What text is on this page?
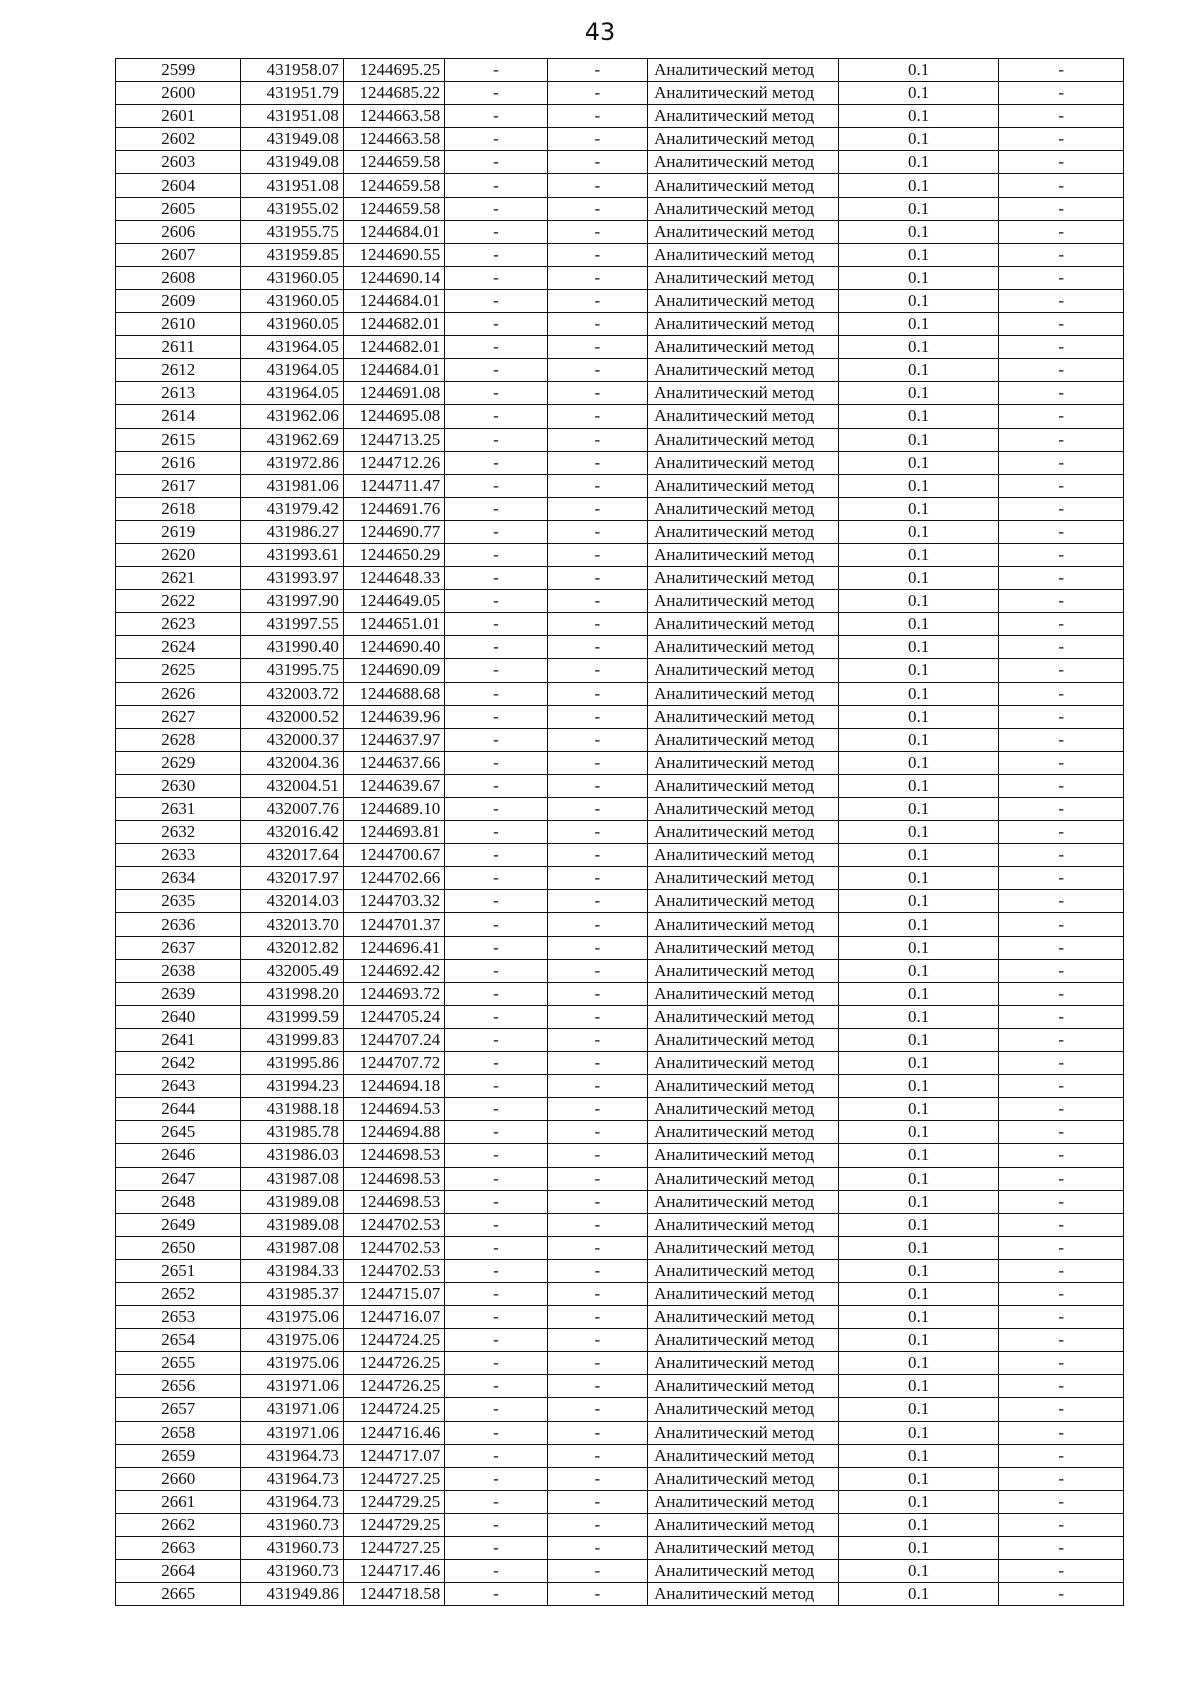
43
2599	431958.07	1244695.25	-	-	Аналитический метод	0.1	-
2600	431951.79	1244685.22	-	-	Аналитический метод	0.1	-
2601	431951.08	1244663.58	-	-	Аналитический метод	0.1	-
2602	431949.08	1244663.58	-	-	Аналитический метод	0.1	-
2603	431949.08	1244659.58	-	-	Аналитический метод	0.1	-
2604	431951.08	1244659.58	-	-	Аналитический метод	0.1	-
2605	431955.02	1244659.58	-	-	Аналитический метод	0.1	-
2606	431955.75	1244684.01	-	-	Аналитический метод	0.1	-
2607	431959.85	1244690.55	-	-	Аналитический метод	0.1	-
2608	431960.05	1244690.14	-	-	Аналитический метод	0.1	-
2609	431960.05	1244684.01	-	-	Аналитический метод	0.1	-
2610	431960.05	1244682.01	-	-	Аналитический метод	0.1	-
2611	431964.05	1244682.01	-	-	Аналитический метод	0.1	-
2612	431964.05	1244684.01	-	-	Аналитический метод	0.1	-
2613	431964.05	1244691.08	-	-	Аналитический метод	0.1	-
2614	431962.06	1244695.08	-	-	Аналитический метод	0.1	-
2615	431962.69	1244713.25	-	-	Аналитический метод	0.1	-
2616	431972.86	1244712.26	-	-	Аналитический метод	0.1	-
2617	431981.06	1244711.47	-	-	Аналитический метод	0.1	-
2618	431979.42	1244691.76	-	-	Аналитический метод	0.1	-
2619	431986.27	1244690.77	-	-	Аналитический метод	0.1	-
2620	431993.61	1244650.29	-	-	Аналитический метод	0.1	-
2621	431993.97	1244648.33	-	-	Аналитический метод	0.1	-
2622	431997.90	1244649.05	-	-	Аналитический метод	0.1	-
2623	431997.55	1244651.01	-	-	Аналитический метод	0.1	-
2624	431990.40	1244690.40	-	-	Аналитический метод	0.1	-
2625	431995.75	1244690.09	-	-	Аналитический метод	0.1	-
2626	432003.72	1244688.68	-	-	Аналитический метод	0.1	-
2627	432000.52	1244639.96	-	-	Аналитический метод	0.1	-
2628	432000.37	1244637.97	-	-	Аналитический метод	0.1	-
2629	432004.36	1244637.66	-	-	Аналитический метод	0.1	-
2630	432004.51	1244639.67	-	-	Аналитический метод	0.1	-
2631	432007.76	1244689.10	-	-	Аналитический метод	0.1	-
2632	432016.42	1244693.81	-	-	Аналитический метод	0.1	-
2633	432017.64	1244700.67	-	-	Аналитический метод	0.1	-
2634	432017.97	1244702.66	-	-	Аналитический метод	0.1	-
2635	432014.03	1244703.32	-	-	Аналитический метод	0.1	-
2636	432013.70	1244701.37	-	-	Аналитический метод	0.1	-
2637	432012.82	1244696.41	-	-	Аналитический метод	0.1	-
2638	432005.49	1244692.42	-	-	Аналитический метод	0.1	-
2639	431998.20	1244693.72	-	-	Аналитический метод	0.1	-
2640	431999.59	1244705.24	-	-	Аналитический метод	0.1	-
2641	431999.83	1244707.24	-	-	Аналитический метод	0.1	-
2642	431995.86	1244707.72	-	-	Аналитический метод	0.1	-
2643	431994.23	1244694.18	-	-	Аналитический метод	0.1	-
2644	431988.18	1244694.53	-	-	Аналитический метод	0.1	-
2645	431985.78	1244694.88	-	-	Аналитический метод	0.1	-
2646	431986.03	1244698.53	-	-	Аналитический метод	0.1	-
2647	431987.08	1244698.53	-	-	Аналитический метод	0.1	-
2648	431989.08	1244698.53	-	-	Аналитический метод	0.1	-
2649	431989.08	1244702.53	-	-	Аналитический метод	0.1	-
2650	431987.08	1244702.53	-	-	Аналитический метод	0.1	-
2651	431984.33	1244702.53	-	-	Аналитический метод	0.1	-
2652	431985.37	1244715.07	-	-	Аналитический метод	0.1	-
2653	431975.06	1244716.07	-	-	Аналитический метод	0.1	-
2654	431975.06	1244724.25	-	-	Аналитический метод	0.1	-
2655	431975.06	1244726.25	-	-	Аналитический метод	0.1	-
2656	431971.06	1244726.25	-	-	Аналитический метод	0.1	-
2657	431971.06	1244724.25	-	-	Аналитический метод	0.1	-
2658	431971.06	1244716.46	-	-	Аналитический метод	0.1	-
2659	431964.73	1244717.07	-	-	Аналитический метод	0.1	-
2660	431964.73	1244727.25	-	-	Аналитический метод	0.1	-
2661	431964.73	1244729.25	-	-	Аналитический метод	0.1	-
2662	431960.73	1244729.25	-	-	Аналитический метод	0.1	-
2663	431960.73	1244727.25	-	-	Аналитический метод	0.1	-
2664	431960.73	1244717.46	-	-	Аналитический метод	0.1	-
2665	431949.86	1244718.58	-	-	Аналитический метод	0.1	-
